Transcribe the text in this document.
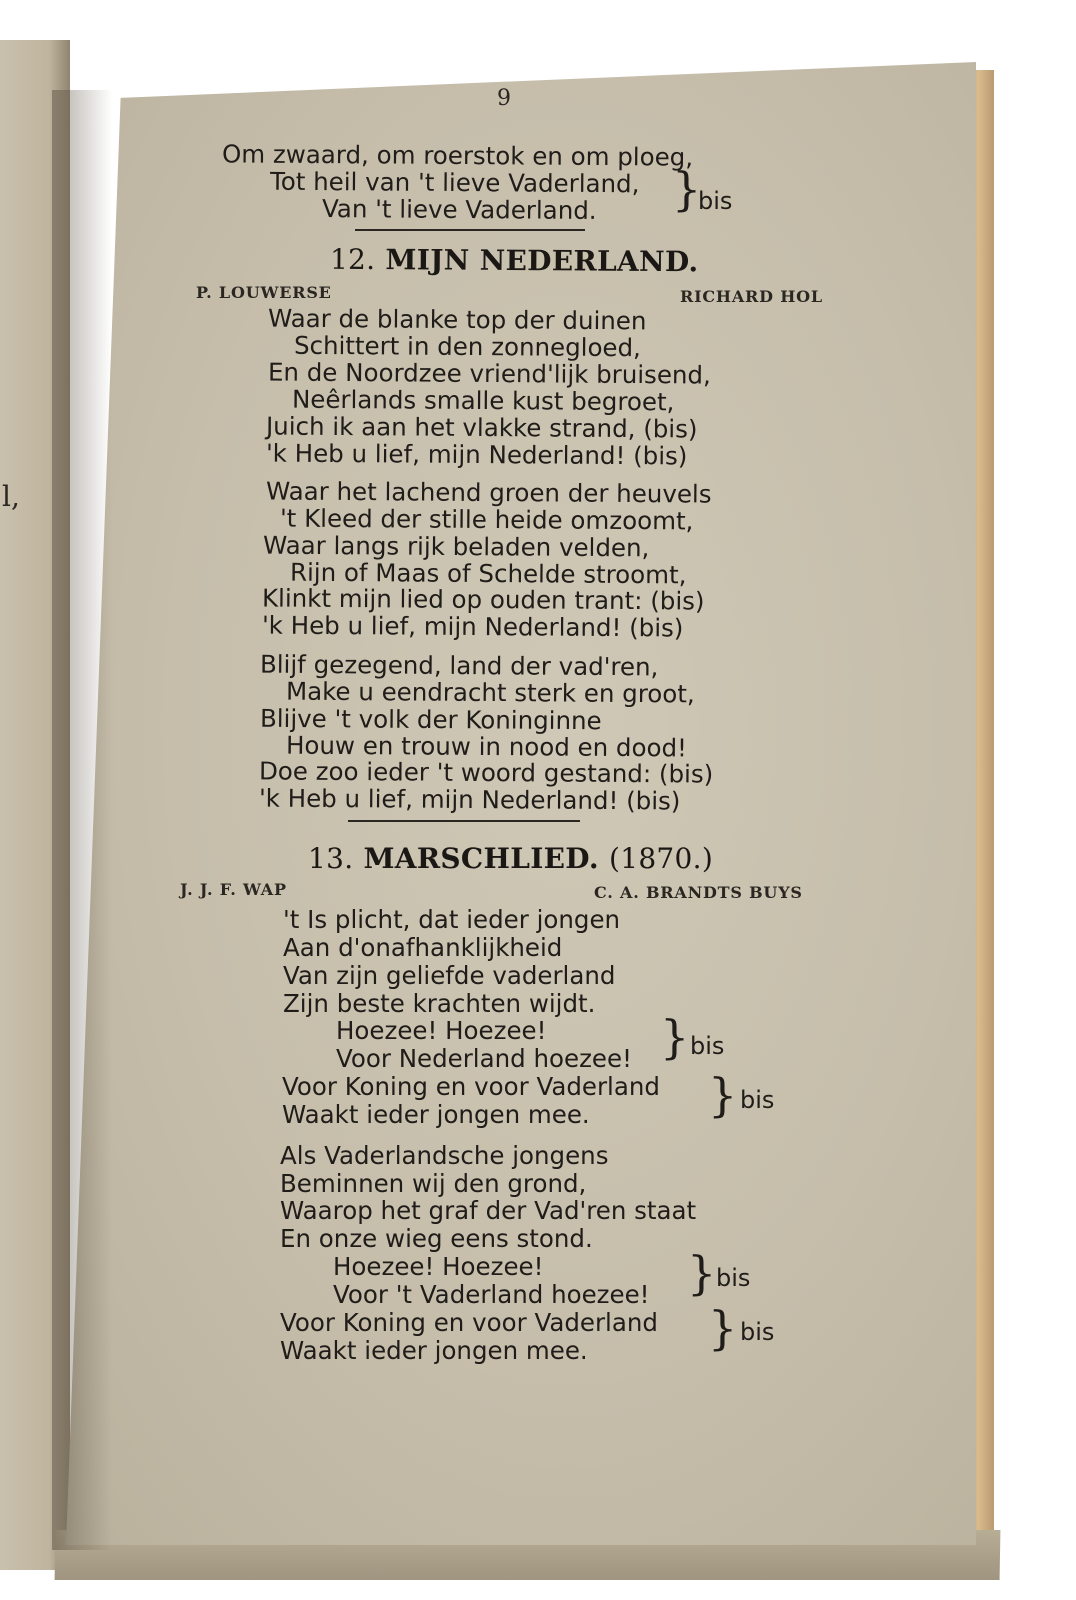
l,
9
Om zwaard, om roerstok en om ploeg,
Tot heil van 't lieve Vaderland,
Van 't lieve Vaderland. }
bis
12. MIJN NEDERLAND.
P. LOUWERSE	RICHARD HOL
Waar de blanke top der duinen
Schittert in den zonnegloed,
En de Noordzee vriend'lijk bruisend,
Neêrlands smalle kust begroet,
Juich ik aan het vlakke strand, (bis)
'k Heb u lief, mijn Nederland! (bis)
Waar het lachend groen der heuvels
't Kleed der stille heide omzoomt,
Waar langs rijk beladen velden,
Rijn of Maas of Schelde stroomt,
Klinkt mijn lied op ouden trant: (bis)
'k Heb u lief, mijn Nederland! (bis)
Blijf gezegend, land der vad'ren,
Make u eendracht sterk en groot,
Blijve 't volk der Koninginne
Houw en trouw in nood en dood!
Doe zoo ieder 't woord gestand: (bis)
'k Heb u lief, mijn Nederland! (bis)
13. MARSCHLIED. (1870.)
J. J. F. WAP	C. A. BRANDTS BUYS
't Is plicht, dat ieder jongen
Aan d'onafhanklijkheid
Van zijn geliefde vaderland
Zijn beste krachten wijdt.
Hoezee! Hoezee!
Voor Nederland hoezee! } bis
Voor Koning en voor Vaderland
Waakt ieder jongen mee.	} bis
Als Vaderlandsche jongens
Beminnen wij den grond,
Waarop het graf der Vad'ren staat
En onze wieg eens stond.
Hoezee! Hoezee!
Voor 't Vaderland hoezee! } bis
Voor Koning en voor Vaderland
Waakt ieder jongen mee.	} bis
